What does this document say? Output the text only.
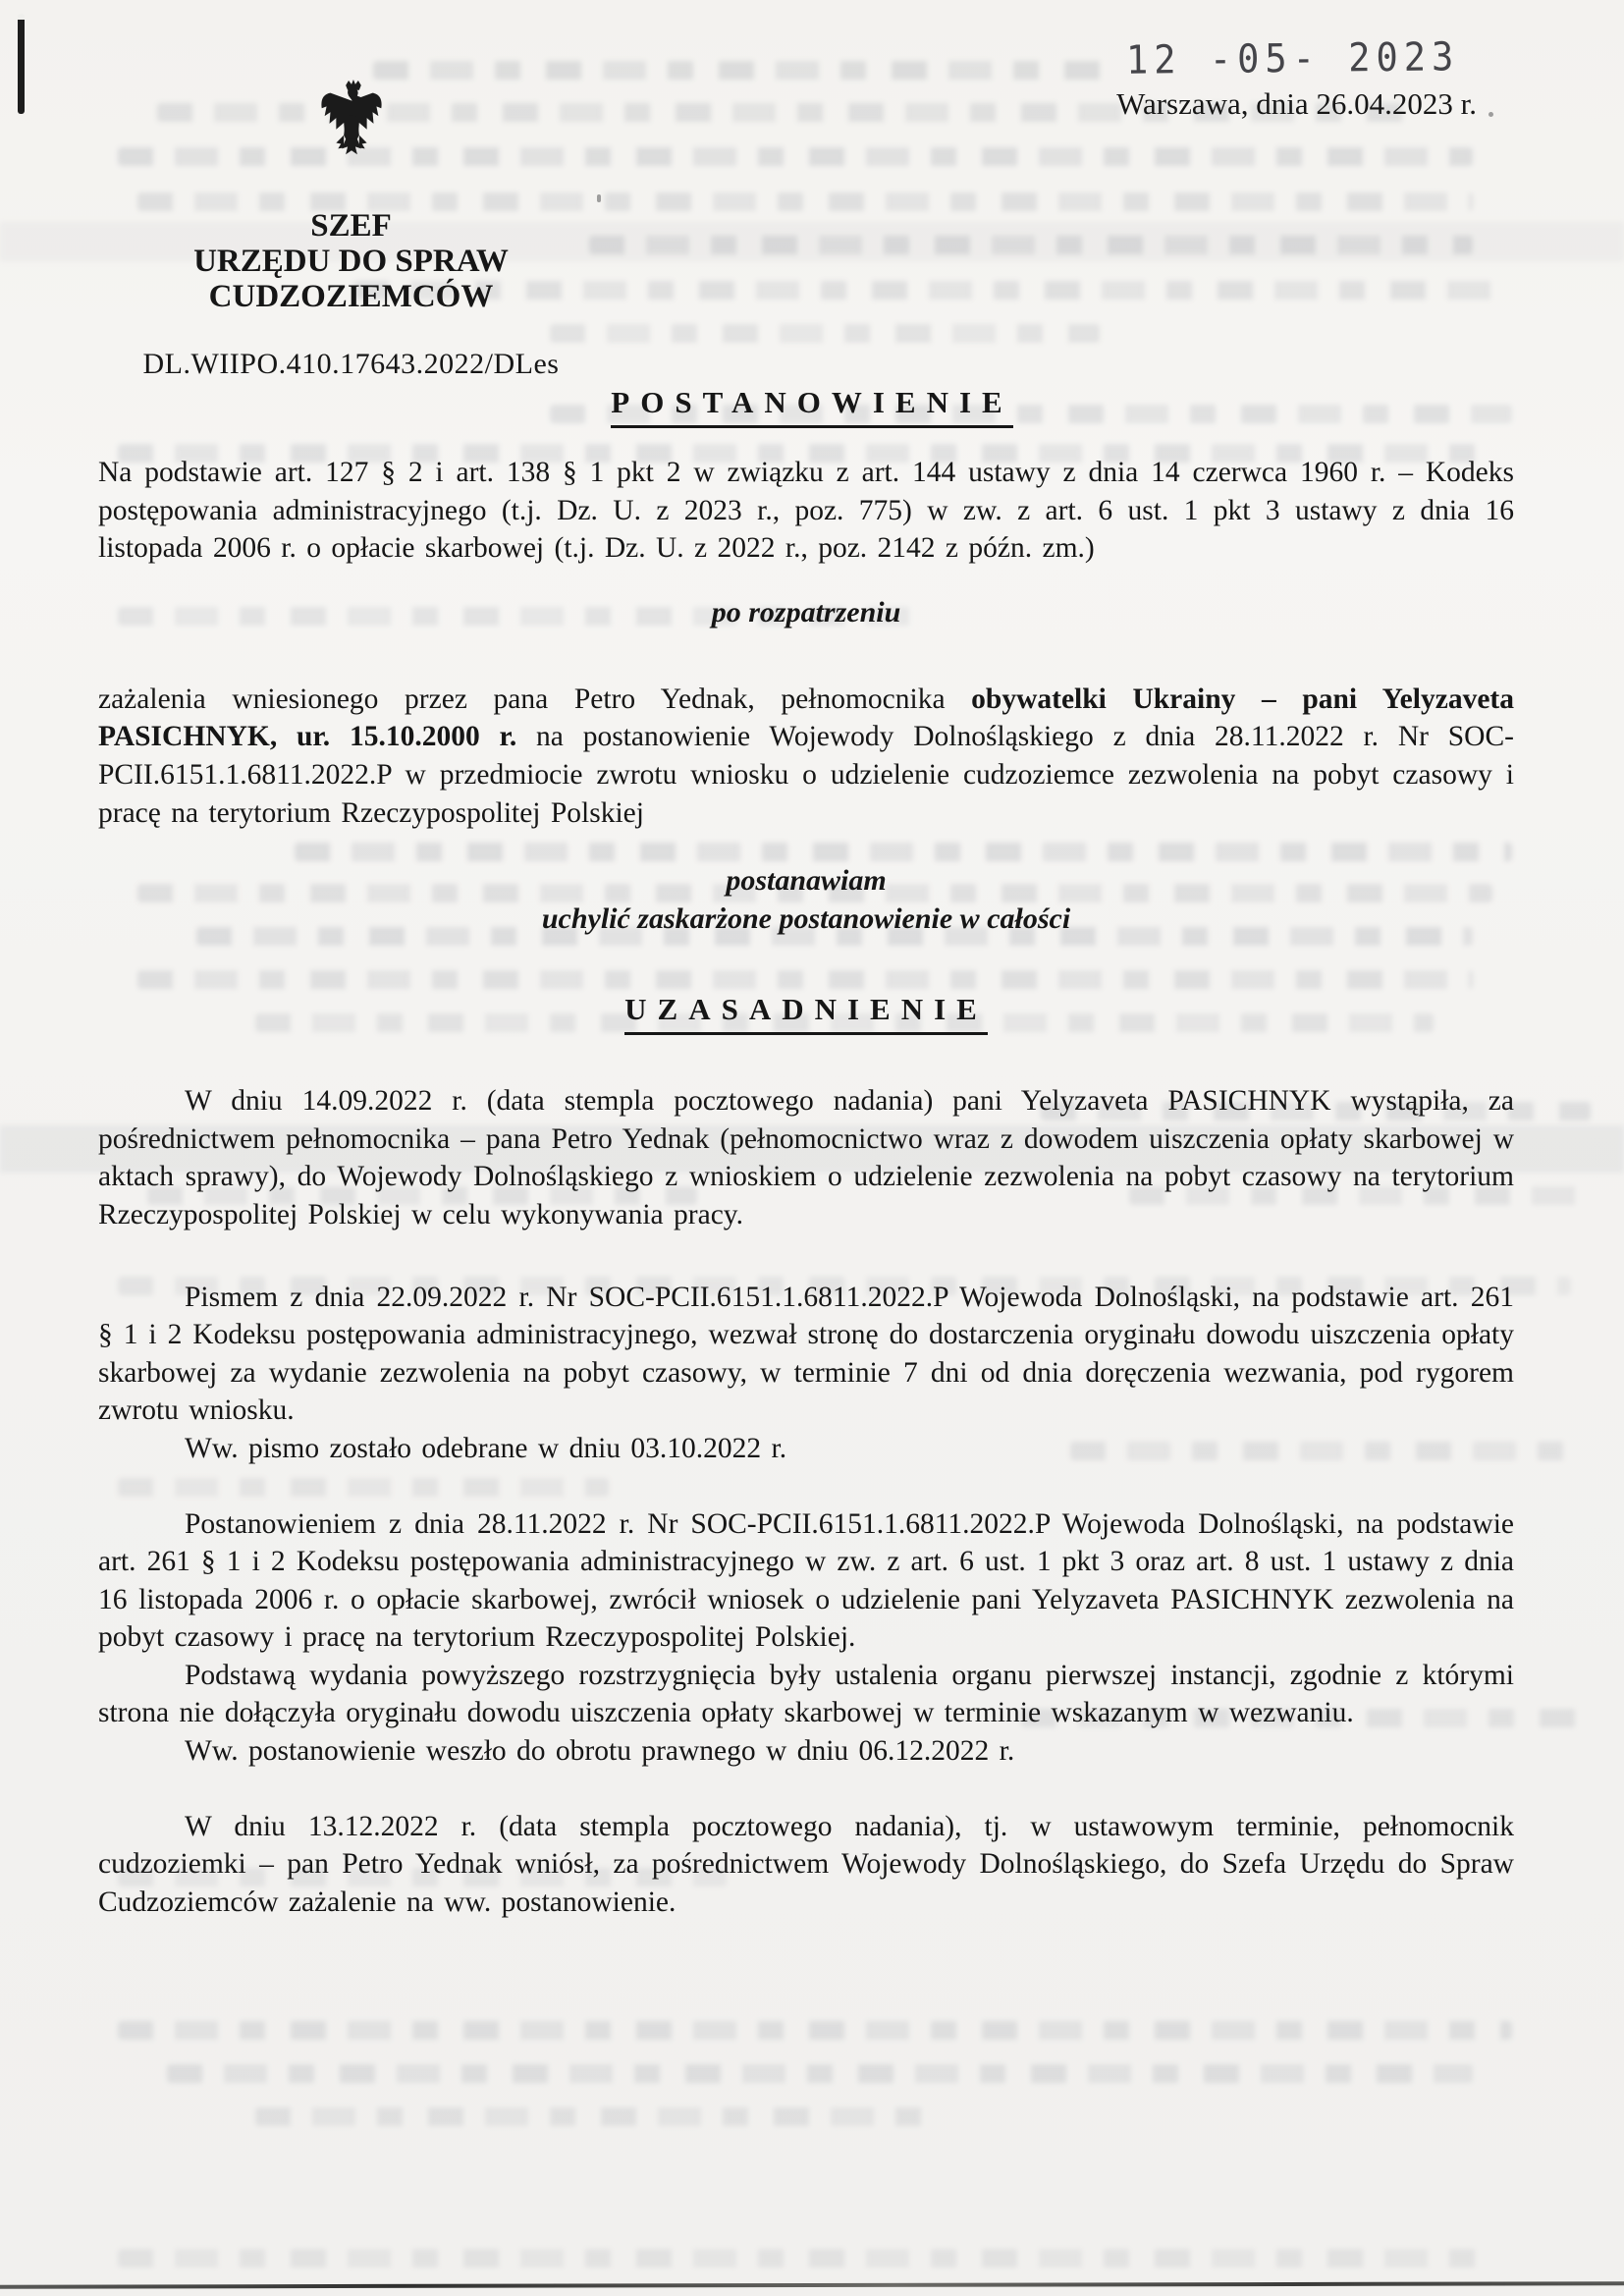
12 -05- 2023
Warszawa, dnia 26.04.2023 r.
SZEF
URZĘDU DO SPRAW CUDZOZIEMCÓW
DL.WIIPO.410.17643.2022/DLes
POSTANOWIENIE

Na podstawie art. 127 § 2 i art. 138 § 1 pkt 2 w związku z art. 144 ustawy z dnia 14 czerwca 1960 r. – Kodeks postępowania administracyjnego (t.j. Dz. U. z 2023 r., poz. 775) w zw. z art. 6 ust. 1 pkt 3 ustawy z dnia 16 listopada 2006 r. o opłacie skarbowej (t.j. Dz. U. z 2022 r., poz. 2142 z późn. zm.)

po rozpatrzeniu

zażalenia wniesionego przez pana Petro Yednak, pełnomocnika obywatelki Ukrainy – pani Yelyzaveta PASICHNYK, ur. 15.10.2000 r. na postanowienie Wojewody Dolnośląskiego z dnia 28.11.2022 r. Nr SOC-PCII.6151.1.6811.2022.P w przedmiocie zwrotu wniosku o udzielenie cudzoziemce zezwolenia na pobyt czasowy i pracę na terytorium Rzeczypospolitej Polskiej

postanawiam

uchylić zaskarżone postanowienie w całości

UZASADNIENIE

W dniu 14.09.2022 r. (data stempla pocztowego nadania) pani Yelyzaveta PASICHNYK wystąpiła, za pośrednictwem pełnomocnika – pana Petro Yednak (pełnomocnictwo wraz z dowodem uiszczenia opłaty skarbowej w aktach sprawy), do Wojewody Dolnośląskiego z wnioskiem o udzielenie zezwolenia na pobyt czasowy na terytorium Rzeczypospolitej Polskiej w celu wykonywania pracy.

Pismem z dnia 22.09.2022 r. Nr SOC-PCII.6151.1.6811.2022.P Wojewoda Dolnośląski, na podstawie art. 261 § 1 i 2 Kodeksu postępowania administracyjnego, wezwał stronę do dostarczenia oryginału dowodu uiszczenia opłaty skarbowej za wydanie zezwolenia na pobyt czasowy, w terminie 7 dni od dnia doręczenia wezwania, pod rygorem zwrotu wniosku.

Ww. pismo zostało odebrane w dniu 03.10.2022 r.

Postanowieniem z dnia 28.11.2022 r. Nr SOC-PCII.6151.1.6811.2022.P Wojewoda Dolnośląski, na podstawie art. 261 § 1 i 2 Kodeksu postępowania administracyjnego w zw. z art. 6 ust. 1 pkt 3 oraz art. 8 ust. 1 ustawy z dnia 16 listopada 2006 r. o opłacie skarbowej, zwrócił wniosek o udzielenie pani Yelyzaveta PASICHNYK zezwolenia na pobyt czasowy i pracę na terytorium Rzeczypospolitej Polskiej.

Podstawą wydania powyższego rozstrzygnięcia były ustalenia organu pierwszej instancji, zgodnie z którymi strona nie dołączyła oryginału dowodu uiszczenia opłaty skarbowej w terminie wskazanym w wezwaniu.

Ww. postanowienie weszło do obrotu prawnego w dniu 06.12.2022 r.

W dniu 13.12.2022 r. (data stempla pocztowego nadania), tj. w ustawowym terminie, pełnomocnik cudzoziemki – pan Petro Yednak wniósł, za pośrednictwem Wojewody Dolnośląskiego, do Szefa Urzędu do Spraw Cudzoziemców zażalenie na ww. postanowienie.
